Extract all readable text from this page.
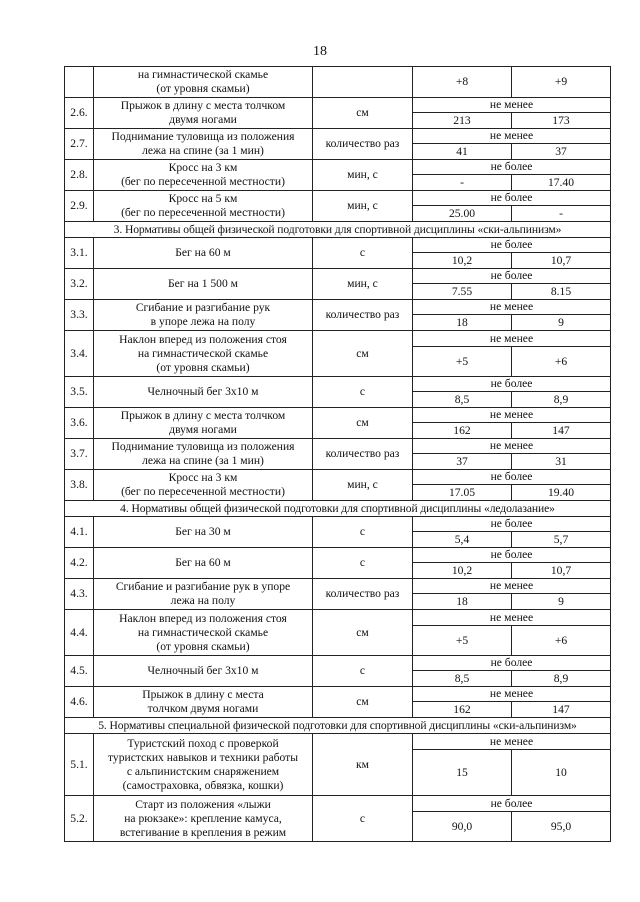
18

	на гимнастической скамье
(от уровня скамьи)		+8	+9
2.6.	Прыжок в длину с места толчком
двумя ногами	см	не менее	
			213	173
2.7.	Поднимание туловища из положения
лежа на спине (за 1 мин)	количество раз	не менее	
			41	37
2.8.	Кросс на 3 км
(бег по пересеченной местности)	мин, с	не более	
			-	17.40
2.9.	Кросс на 5 км
(бег по пересеченной местности)	мин, с	не более	
			25.00	-
3. Нормативы общей физической подготовки для спортивной дисциплины «ски-альпинизм»				
3.1.	Бег на 60 м	с	не более	
			10,2	10,7
3.2.	Бег на 1 500 м	мин, с	не более	
			7.55	8.15
3.3.	Сгибание и разгибание рук
в упоре лежа на полу	количество раз	не менее	
			18	9
3.4.	Наклон вперед из положения стоя
на гимнастической скамье
(от уровня скамьи)	см	не менее	
			+5	+6
3.5.	Челночный бег 3x10 м	с	не более	
			8,5	8,9
3.6.	Прыжок в длину с места толчком
двумя ногами	см	не менее	
			162	147
3.7.	Поднимание туловища из положения
лежа на спине (за 1 мин)	количество раз	не менее	
			37	31
3.8.	Кросс на 3 км
(бег по пересеченной местности)	мин, с	не более	
			17.05	19.40
4. Нормативы общей физической подготовки для спортивной дисциплины «ледолазание»				
4.1.	Бег на 30 м	с	не более	
			5,4	5,7
4.2.	Бег на 60 м	с	не более	
			10,2	10,7
4.3.	Сгибание и разгибание рук в упоре
лежа на полу	количество раз	не менее	
			18	9
4.4.	Наклон вперед из положения стоя
на гимнастической скамье
(от уровня скамьи)	см	не менее	
			+5	+6
4.5.	Челночный бег 3x10 м	с	не более	
			8,5	8,9
4.6.	Прыжок в длину с места
толчком двумя ногами	см	не менее	
			162	147
5. Нормативы специальной физической подготовки для спортивной дисциплины «ски-альпинизм»				
5.1.	Туристский поход с проверкой
туристских навыков и техники работы
с альпинистским снаряжением
(самостраховка, обвязка, кошки)	км	не менее	
			15	10
5.2.	Старт из положения «лыжи
на рюкзаке»: крепление камуса,
встегивание в крепления в режим	с	не более	
			90,0	95,0
